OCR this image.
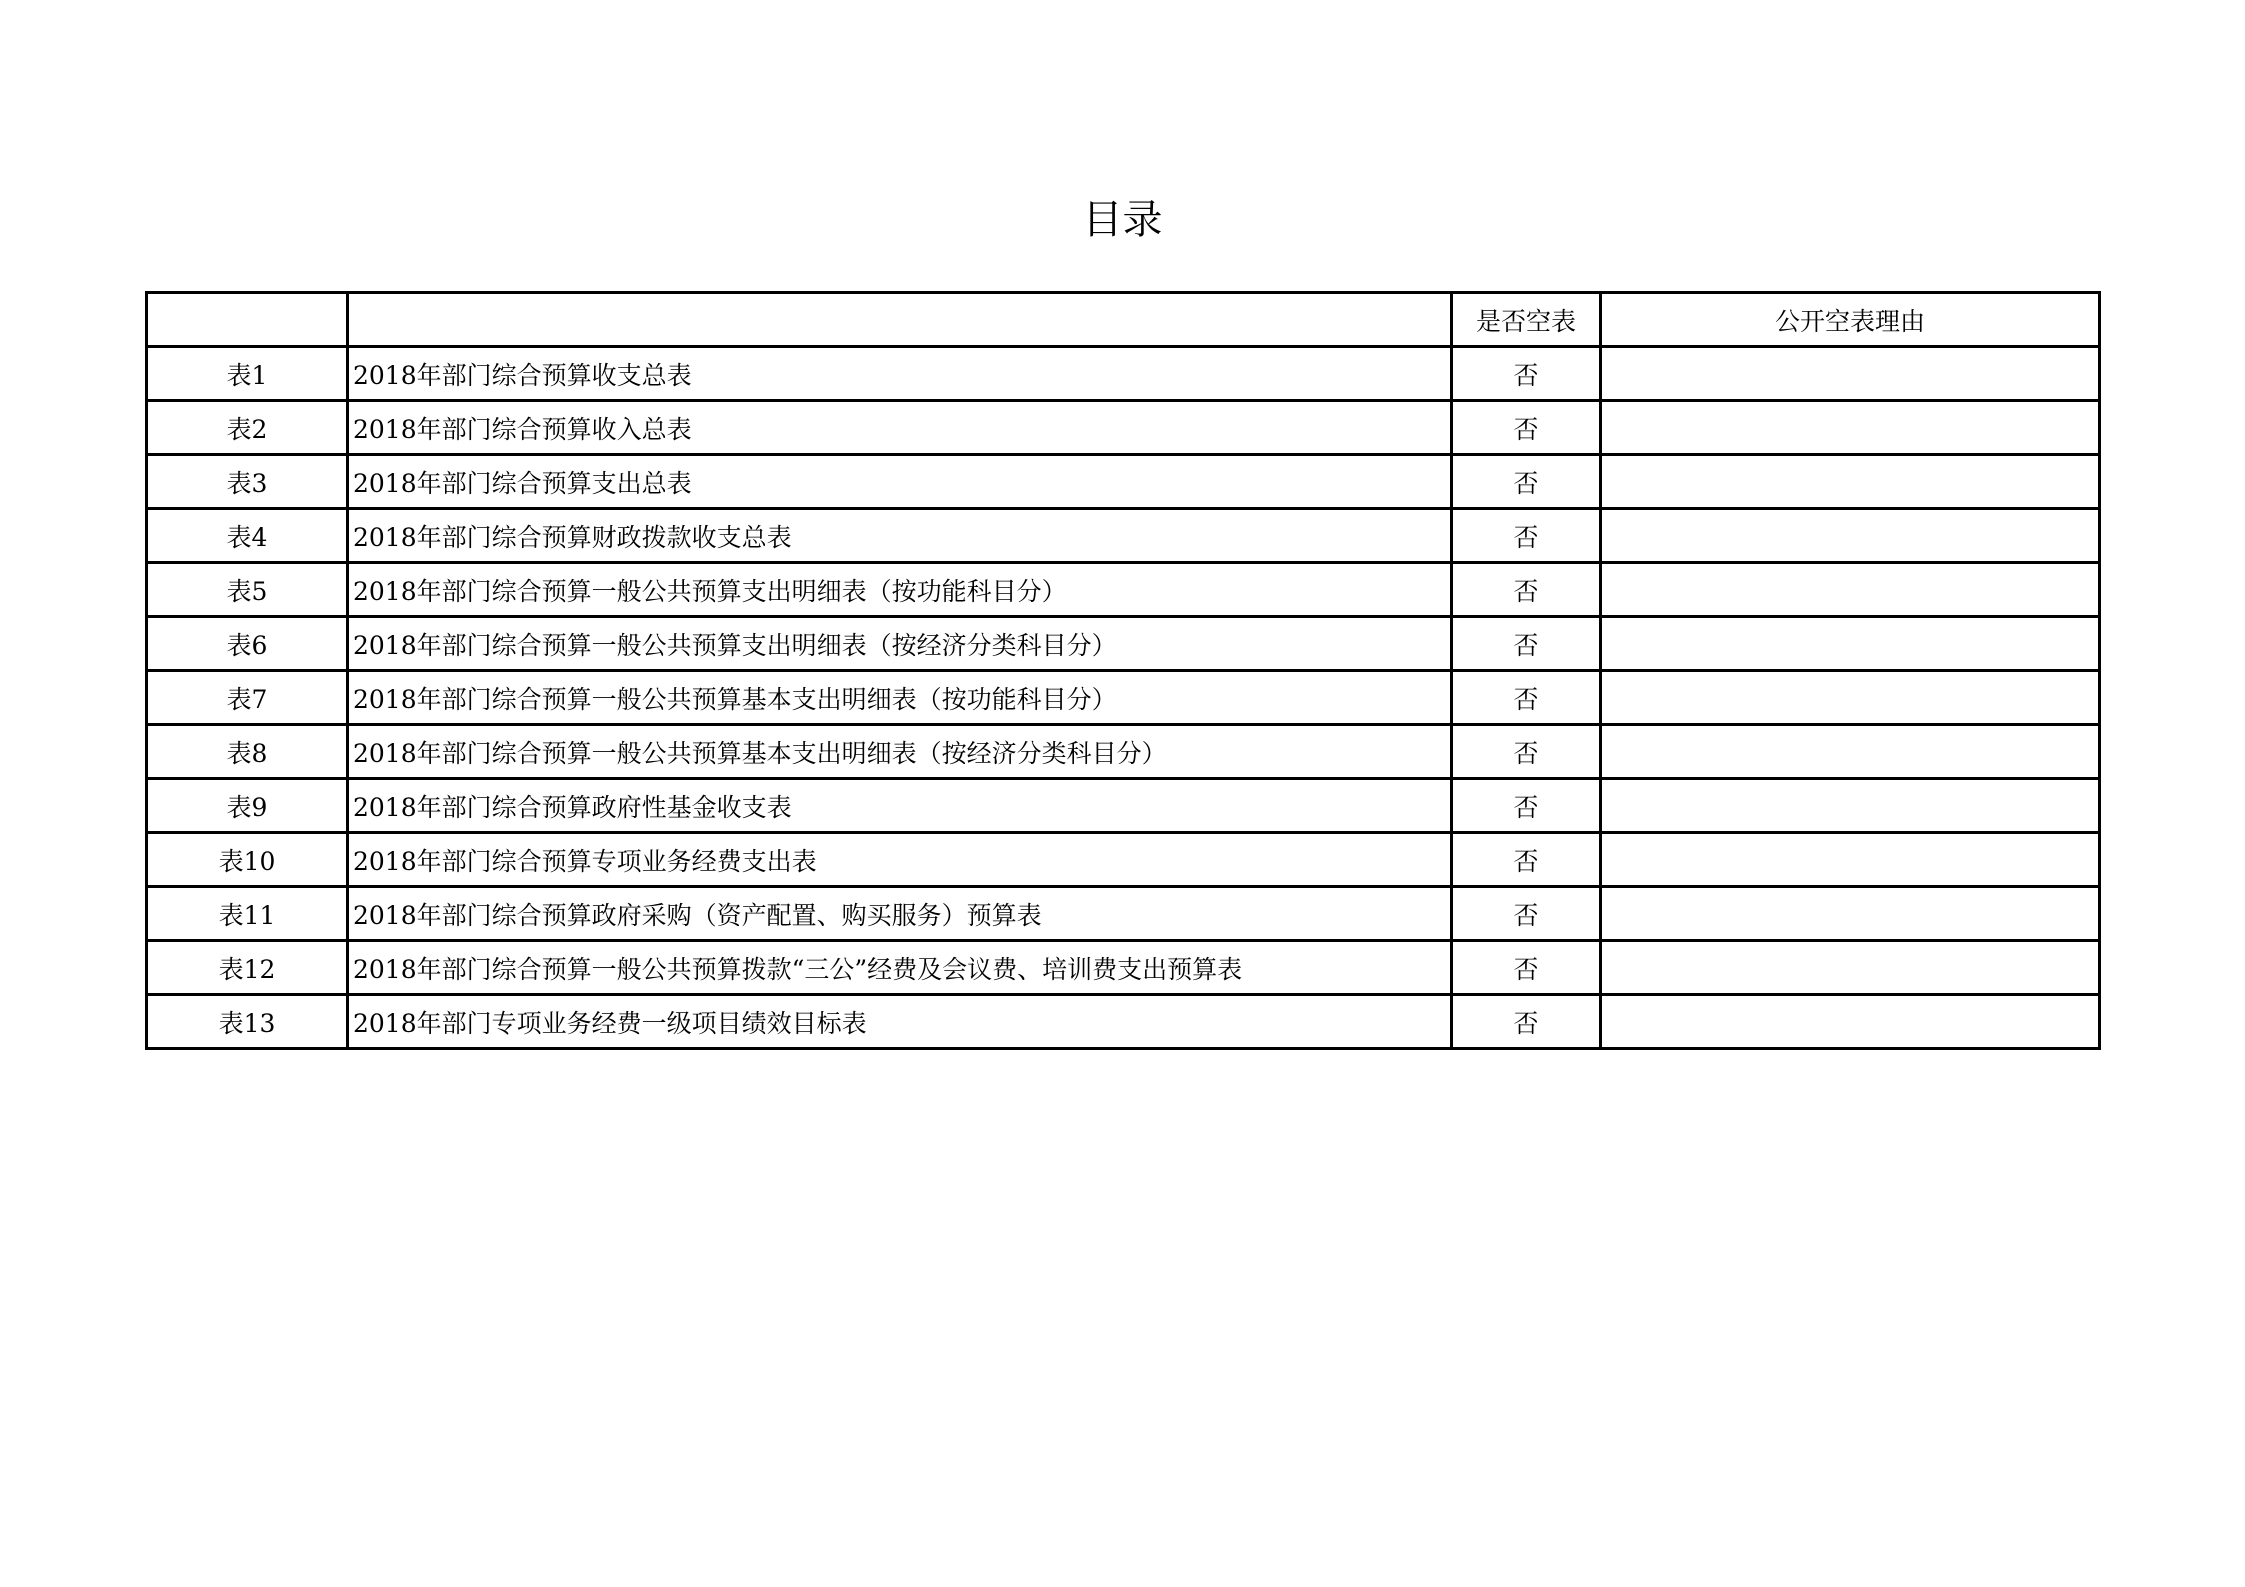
目录
		是否空表	公开空表理由
表1	2018年部门综合预算收支总表	否	
表2	2018年部门综合预算收入总表	否	
表3	2018年部门综合预算支出总表	否	
表4	2018年部门综合预算财政拨款收支总表	否	
表5	2018年部门综合预算一般公共预算支出明细表（按功能科目分）	否	
表6	2018年部门综合预算一般公共预算支出明细表（按经济分类科目分）	否	
表7	2018年部门综合预算一般公共预算基本支出明细表（按功能科目分）	否	
表8	2018年部门综合预算一般公共预算基本支出明细表（按经济分类科目分）	否	
表9	2018年部门综合预算政府性基金收支表	否	
表10	2018年部门综合预算专项业务经费支出表	否	
表11	2018年部门综合预算政府采购（资产配置、购买服务）预算表	否	
表12	2018年部门综合预算一般公共预算拨款“三公”经费及会议费、培训费支出预算表	否	
表13	2018年部门专项业务经费一级项目绩效目标表	否	
